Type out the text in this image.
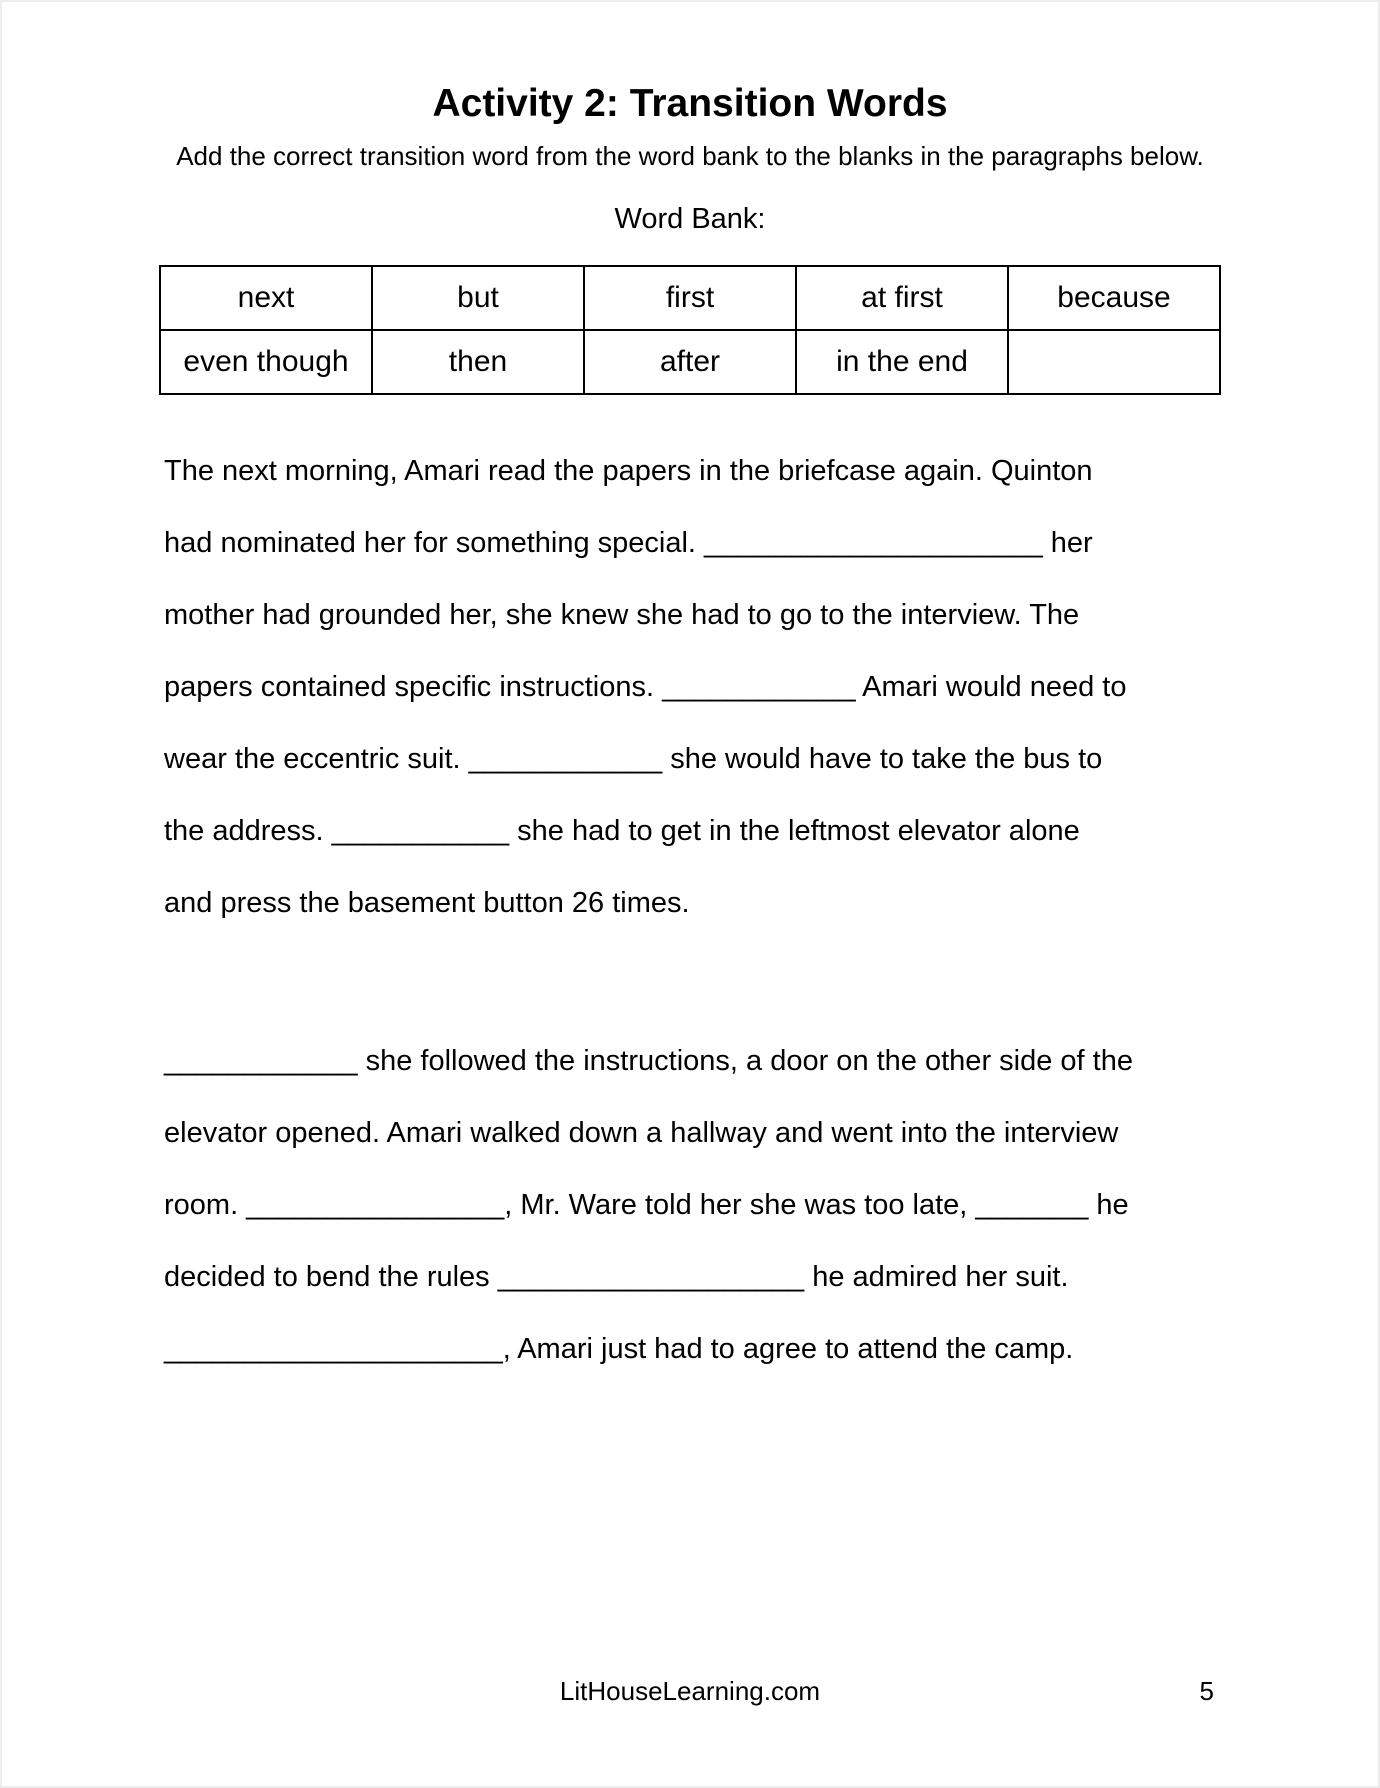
Activity 2: Transition Words
Add the correct transition word from the word bank to the blanks in the paragraphs below.
Word Bank:
next	but	first	at first	because
even though	then	after	in the end	
The next morning, Amari read the papers in the briefcase again. Quinton
had nominated her for something special. _____________________ her
mother had grounded her, she knew she had to go to the interview. The
papers contained specific instructions. ____________ Amari would need to
wear the eccentric suit. ____________ she would have to take the bus to
the address. ___________ she had to get in the leftmost elevator alone
and press the basement button 26 times.
____________ she followed the instructions, a door on the other side of the
elevator opened. Amari walked down a hallway and went into the interview
room. ________________, Mr. Ware told her she was too late, _______ he
decided to bend the rules ___________________ he admired her suit.
_____________________, Amari just had to agree to attend the camp.
LitHouseLearning.com	5
